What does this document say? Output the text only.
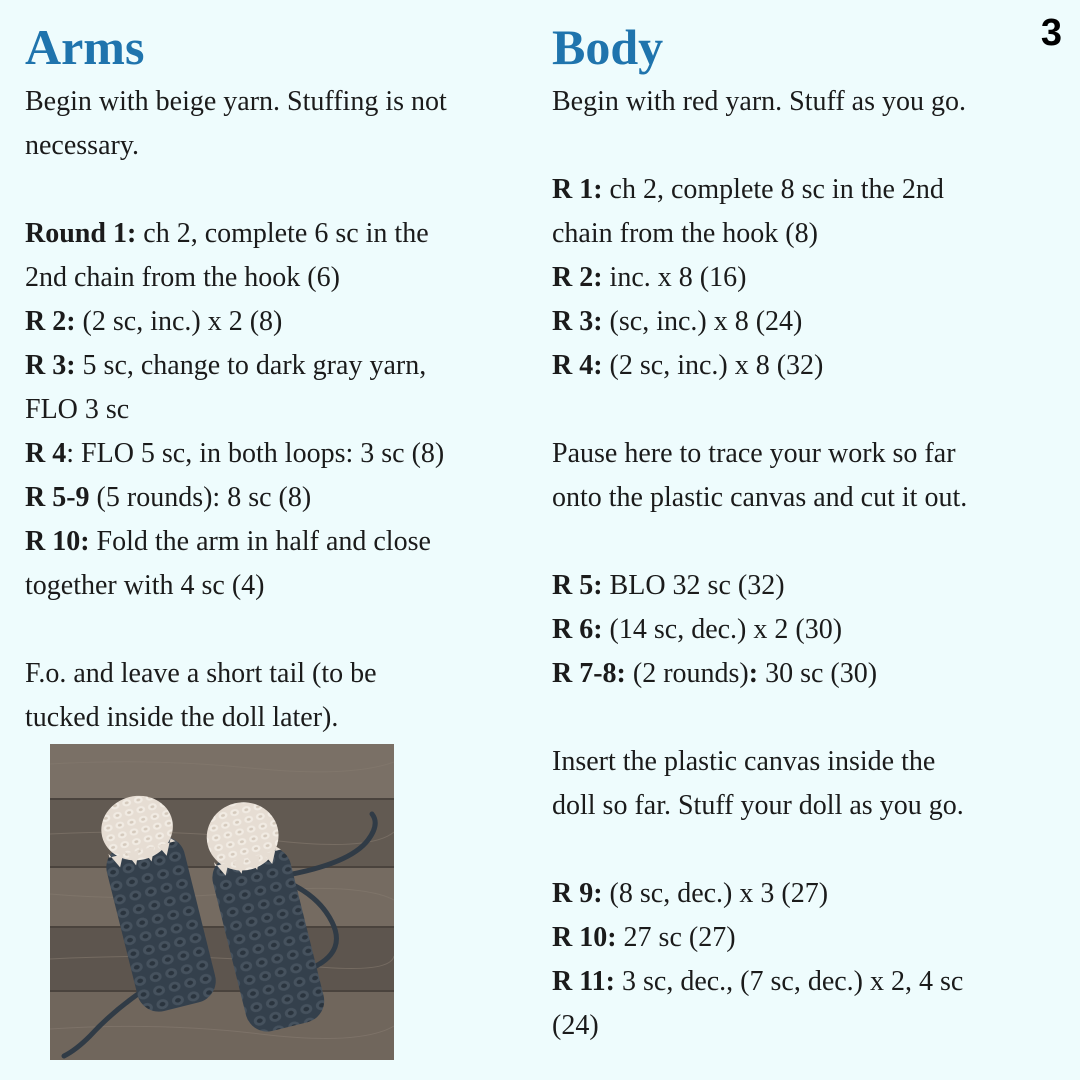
3
Arms

Begin with beige yarn. Stuffing is not

necessary.

Round 1: ch 2, complete 6 sc in the

2nd chain from the hook (6)

R 2: (2 sc, inc.) x 2 (8)

R 3: 5 sc, change to dark gray yarn,

FLO 3 sc

R 4: FLO 5 sc, in both loops: 3 sc (8)

R 5-9 (5 rounds): 8 sc (8)

R 10: Fold the arm in half and close

together with 4 sc (4)

F.o. and leave a short tail (to be

tucked inside the doll later).

Body

Begin with red yarn. Stuff as you go.

R 1: ch 2, complete 8 sc in the 2nd

chain from the hook (8)

R 2: inc. x 8 (16)

R 3: (sc, inc.) x 8 (24)

R 4: (2 sc, inc.) x 8 (32)

Pause here to trace your work so far

onto the plastic canvas and cut it out.

R 5: BLO 32 sc (32)

R 6: (14 sc, dec.) x 2 (30)

R 7-8: (2 rounds): 30 sc (30)

Insert the plastic canvas inside the

doll so far. Stuff your doll as you go.

R 9: (8 sc, dec.) x 3 (27)

R 10: 27 sc (27)

R 11: 3 sc, dec., (7 sc, dec.) x 2, 4 sc

(24)
